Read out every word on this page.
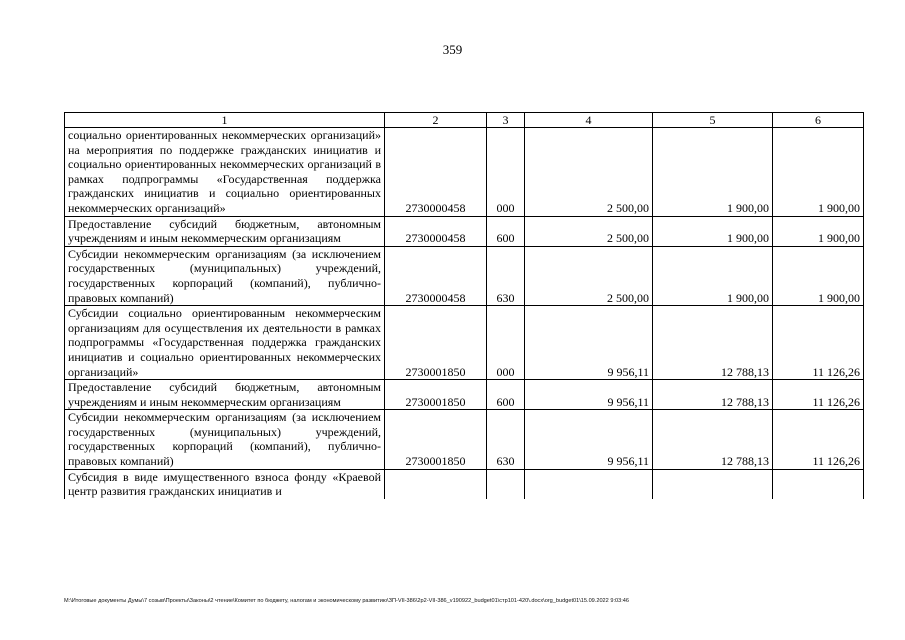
359
1	2	3	4	5	6
социально ориентированных некоммерческих организаций» на мероприятия по поддержке гражданских инициатив и социально ориентированных некоммерческих организаций в рамках подпрограммы «Государственная поддержка гражданских инициатив и социально ориентированных некоммерческих организаций»	2730000458	000	2 500,00	1 900,00	1 900,00
Предоставление субсидий бюджетным, автономным учреждениям и иным некоммерческим организациям	2730000458	600	2 500,00	1 900,00	1 900,00
Субсидии некоммерческим организациям (за исключением государственных (муниципальных) учреждений, государственных корпораций (компаний), публично-правовых компаний)	2730000458	630	2 500,00	1 900,00	1 900,00
Субсидии социально ориентированным некоммерческим организациям для осуществления их деятельности в рамках подпрограммы «Государственная поддержка гражданских инициатив и социально ориентированных некоммерческих организаций»	2730001850	000	9 956,11	12 788,13	11 126,26
Предоставление субсидий бюджетным, автономным учреждениям и иным некоммерческим организациям	2730001850	600	9 956,11	12 788,13	11 126,26
Субсидии некоммерческим организациям (за исключением государственных (муниципальных) учреждений, государственных корпораций (компаний), публично-правовых компаний)	2730001850	630	9 956,11	12 788,13	11 126,26
Субсидия в виде имущественного взноса фонду «Краевой центр развития гражданских инициатив и					
M:\Итоговые документы Думы\7 созыв\Проекты\Законы\2 чтение\Комитет по бюджету, налогам и экономическому развитию\ЗП-VII-386\2р2-VII-386_v190922_budget01\стр101-420\.docx\org_budget01\15.09.2022 9:03:46
